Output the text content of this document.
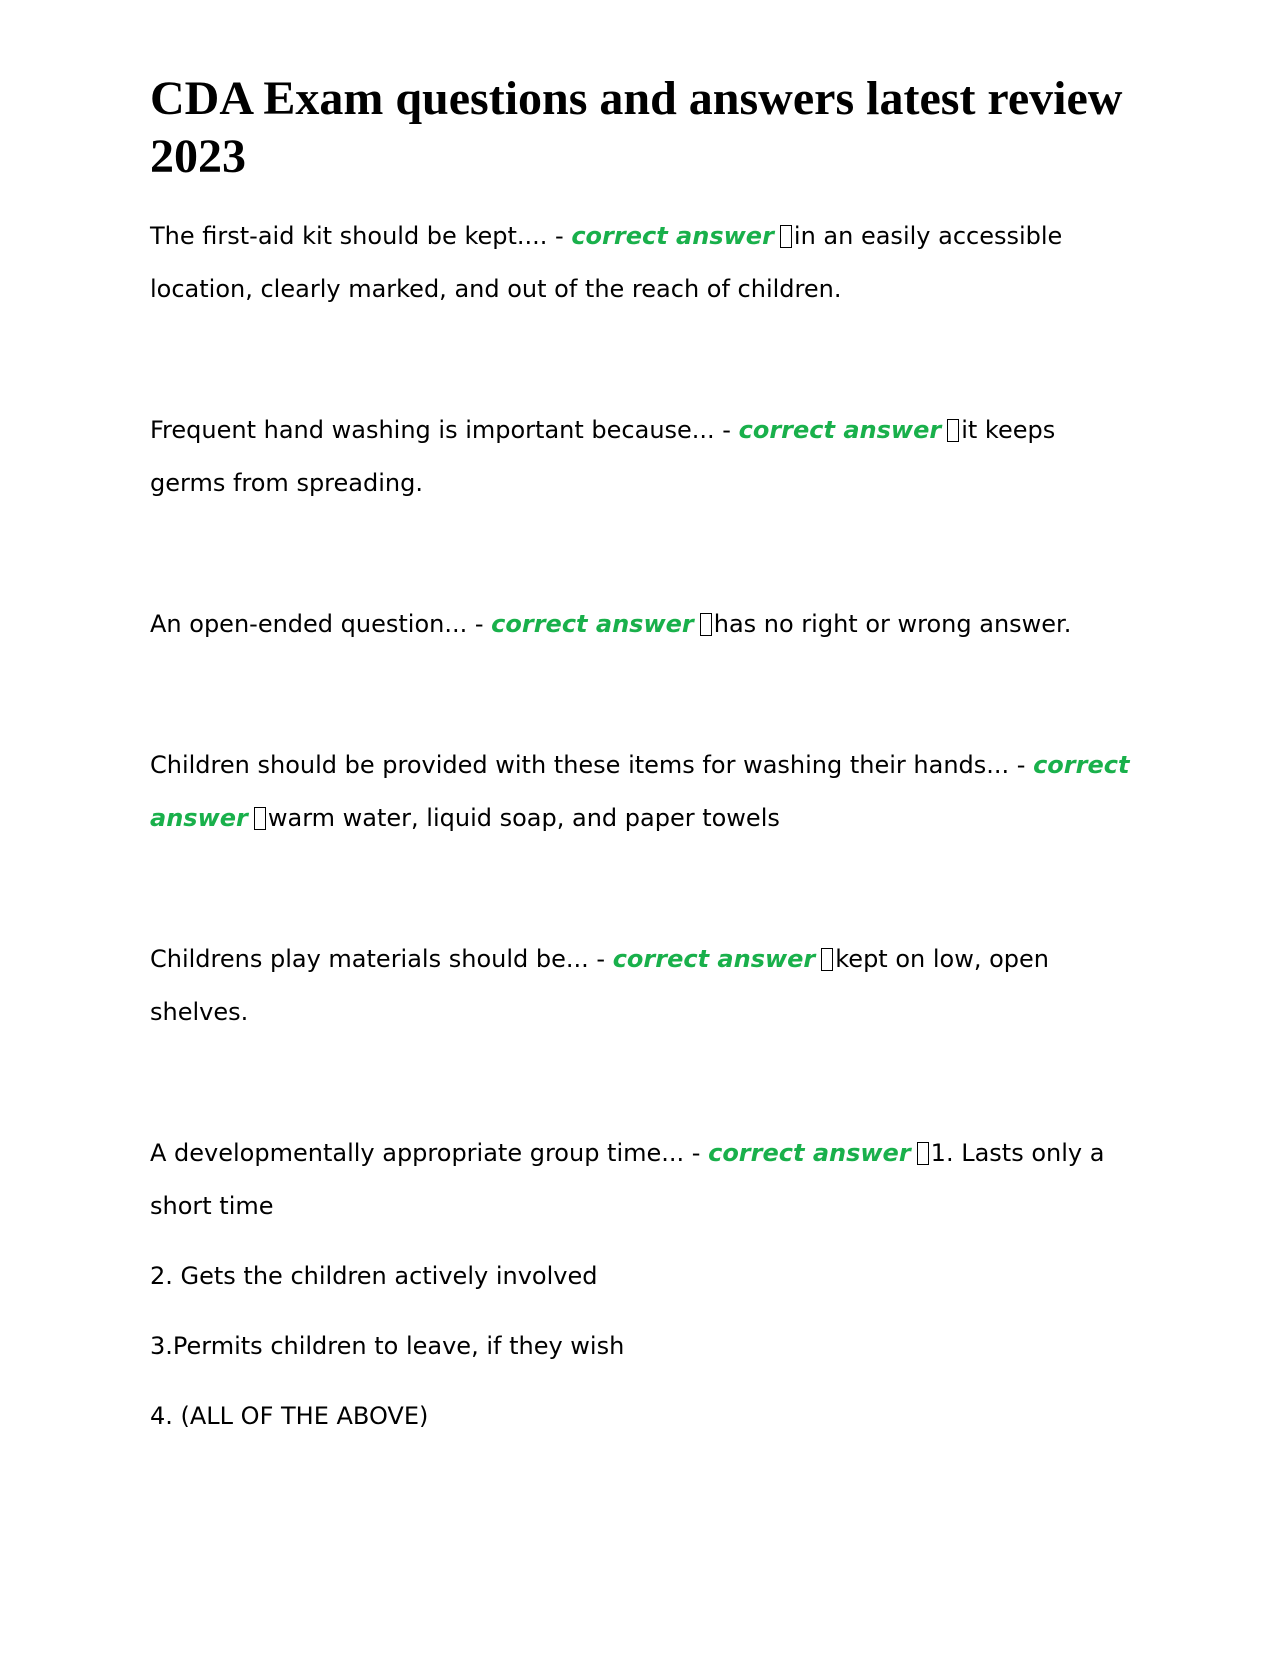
CDA Exam questions and answers latest review 2023

The first-aid kit should be kept.... - correct answer in an easily accessible location, clearly marked, and out of the reach of children.

Frequent hand washing is important because... - correct answer it keeps germs from spreading.

An open-ended question... - correct answer has no right or wrong answer.

Children should be provided with these items for washing their hands... - correct answer warm water, liquid soap, and paper towels

Childrens play materials should be... - correct answer kept on low, open shelves.

A developmentally appropriate group time... - correct answer 1. Lasts only a short time

2. Gets the children actively involved

3.Permits children to leave, if they wish

4. (ALL OF THE ABOVE)
